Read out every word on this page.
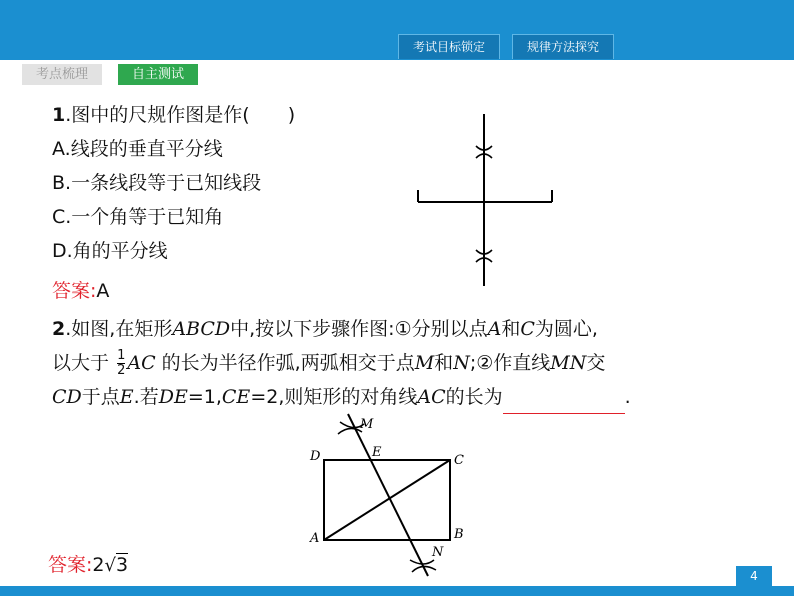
考试目标锁定	规律方法探究
考点梳理	自主测试
1.图中的尺规作图是作(　　)
A.线段的垂直平分线
B.一条线段等于已知线段
C.一个角等于已知角
D.角的平分线
答案:A
2.如图,在矩形ABCD中,按以下步骤作图:①分别以点A和C为圆心,
以大于 $\frac{1}{2}$ AC 的长为半径作弧,两弧相交于点M和N;②作直线MN交
CD于点E.若DE=1,CE=2,则矩形的对角线AC的长为	.
M
D	E
C
A	B
N
答案:2√3	4
